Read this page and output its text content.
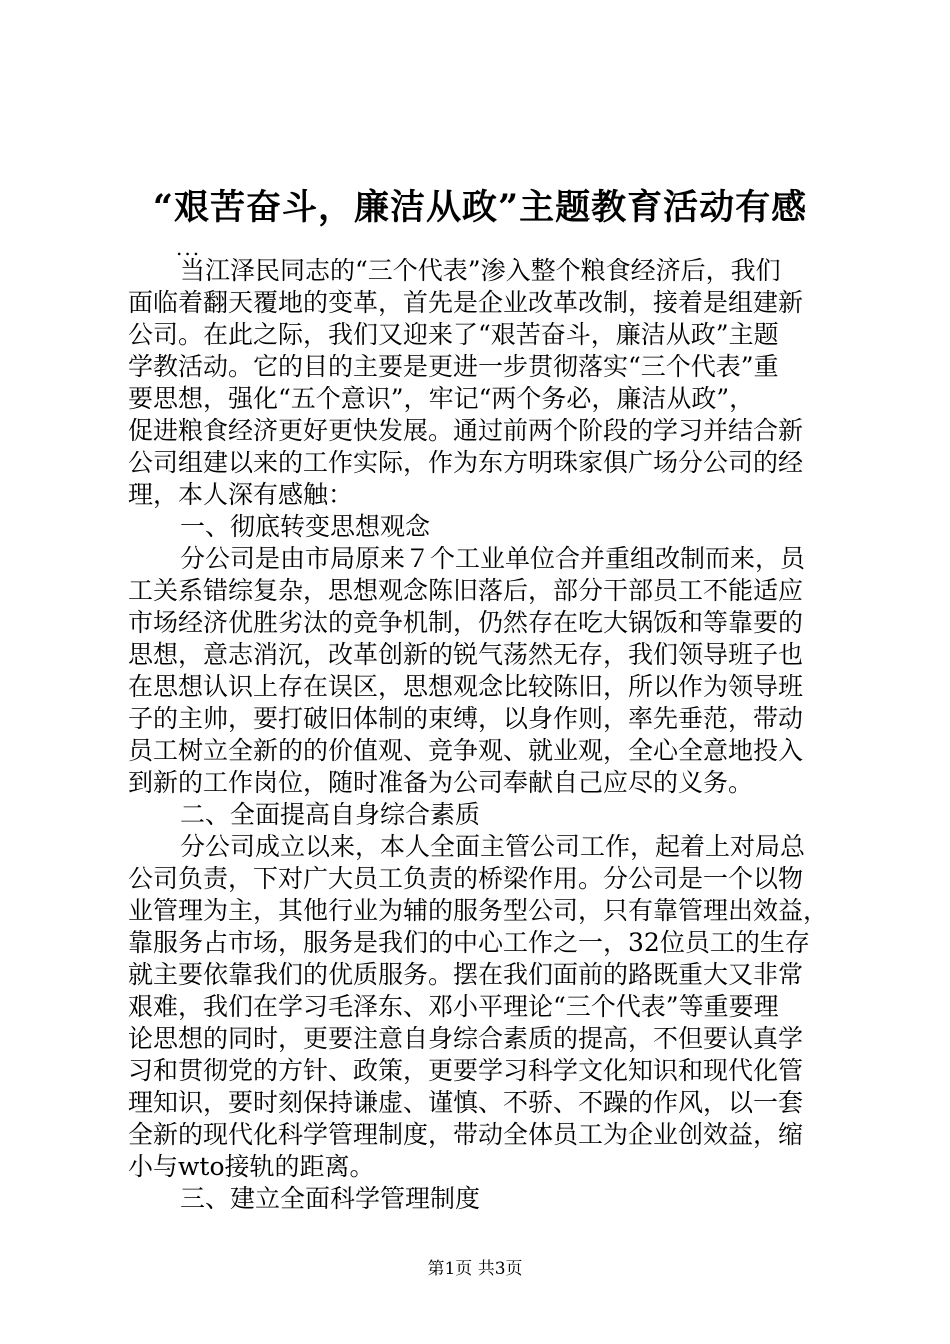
“艰苦奋斗，廉洁从政”主题教育活动有感
...
当江泽民同志的“三个代表”渗入整个粮食经济后，我们
面临着翻天覆地的变革，首先是企业改革改制，接着是组建新
公司。在此之际，我们又迎来了“艰苦奋斗，廉洁从政”主题
学教活动。它的目的主要是更进一步贯彻落实“三个代表”重
要思想，强化“五个意识”，牢记“两个务必，廉洁从政”，
促进粮食经济更好更快发展。通过前两个阶段的学习并结合新
公司组建以来的工作实际，作为东方明珠家俱广场分公司的经
理，本人深有感触：
一、彻底转变思想观念
分公司是由市局原来７个工业单位合并重组改制而来，员
工关系错综复杂，思想观念陈旧落后，部分干部员工不能适应
市场经济优胜劣汰的竞争机制，仍然存在吃大锅饭和等靠要的
思想，意志消沉，改革创新的锐气荡然无存，我们领导班子也
在思想认识上存在误区，思想观念比较陈旧，所以作为领导班
子的主帅，要打破旧体制的束缚，以身作则，率先垂范，带动
员工树立全新的的价值观、竞争观、就业观，全心全意地投入
到新的工作岗位，随时准备为公司奉献自己应尽的义务。
二、全面提高自身综合素质
分公司成立以来，本人全面主管公司工作，起着上对局总
公司负责，下对广大员工负责的桥梁作用。分公司是一个以物
业管理为主，其他行业为辅的服务型公司，只有靠管理出效益，
靠服务占市场，服务是我们的中心工作之一，32位员工的生存
就主要依靠我们的优质服务。摆在我们面前的路既重大又非常
艰难，我们在学习毛泽东、邓小平理论“三个代表”等重要理
论思想的同时，更要注意自身综合素质的提高，不但要认真学
习和贯彻党的方针、政策，更要学习科学文化知识和现代化管
理知识，要时刻保持谦虚、谨慎、不骄、不躁的作风，以一套
全新的现代化科学管理制度，带动全体员工为企业创效益，缩
小与wto接轨的距离。
三、建立全面科学管理制度
第1页 共3页
